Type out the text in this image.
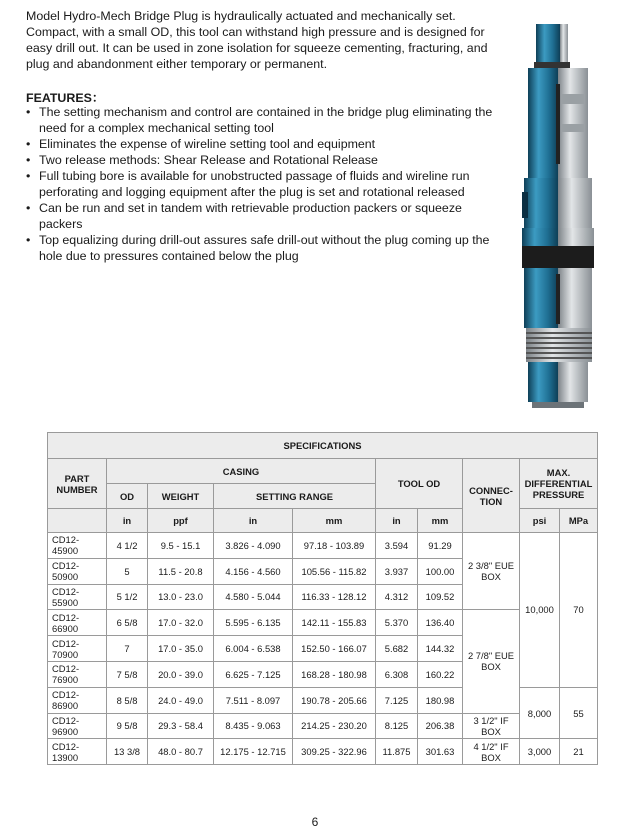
Model Hydro-Mech Bridge Plug is hydraulically actuated and mechanically set. Compact, with a small OD, this tool can withstand high pressure and is designed for easy drill out. It can be used in zone isolation for squeeze cementing, fracturing, and plug and abandonment either temporary or permanent.

FEATURES：
• The setting mechanism and control are contained in the bridge plug eliminating the need for a complex mechanical setting tool
• Eliminates the expense of wireline setting tool and equipment
• Two release methods: Shear Release and Rotational Release
• Full tubing bore is available for unobstructed passage of fluids and wireline run perforating and logging equipment after the plug is set and rotational released
• Can be run and set in tandem with retrievable production packers or squeeze packers
• Top equalizing during drill-out assures safe drill-out without the plug coming up the hole due to pressures contained below the plug
SPECIFICATIONS									
PART NUMBER	CASING				TOOL OD		CONNEC-TION	MAX. DIFFERENTIAL PRESSURE	
	OD	WEIGHT	SETTING RANGE						
	in	ppf	in	mm	in	mm		psi	MPa
CD12-45900	4 1/2	9.5 - 15.1	3.826 - 4.090	97.18 - 103.89	3.594	91.29	2 3/8" EUE BOX	10,000	70
CD12-50900	5	11.5 - 20.8	4.156 - 4.560	105.56 - 115.82	3.937	100.00			
CD12-55900	5 1/2	13.0 - 23.0	4.580 - 5.044	116.33 - 128.12	4.312	109.52			
CD12-66900	6 5/8	17.0 - 32.0	5.595 - 6.135	142.11 - 155.83	5.370	136.40	2 7/8" EUE BOX		
CD12-70900	7	17.0 - 35.0	6.004 - 6.538	152.50 - 166.07	5.682	144.32			
CD12-76900	7 5/8	20.0 - 39.0	6.625 - 7.125	168.28 - 180.98	6.308	160.22			
CD12-86900	8 5/8	24.0 - 49.0	7.511 - 8.097	190.78 - 205.66	7.125	180.98		8,000	55
CD12-96900	9 5/8	29.3 - 58.4	8.435 - 9.063	214.25 - 230.20	8.125	206.38	3 1/2" IF BOX		
CD12-13900	13 3/8	48.0 - 80.7	12.175 - 12.715	309.25 - 322.96	11.875	301.63	4 1/2" IF BOX	3,000	21
6
